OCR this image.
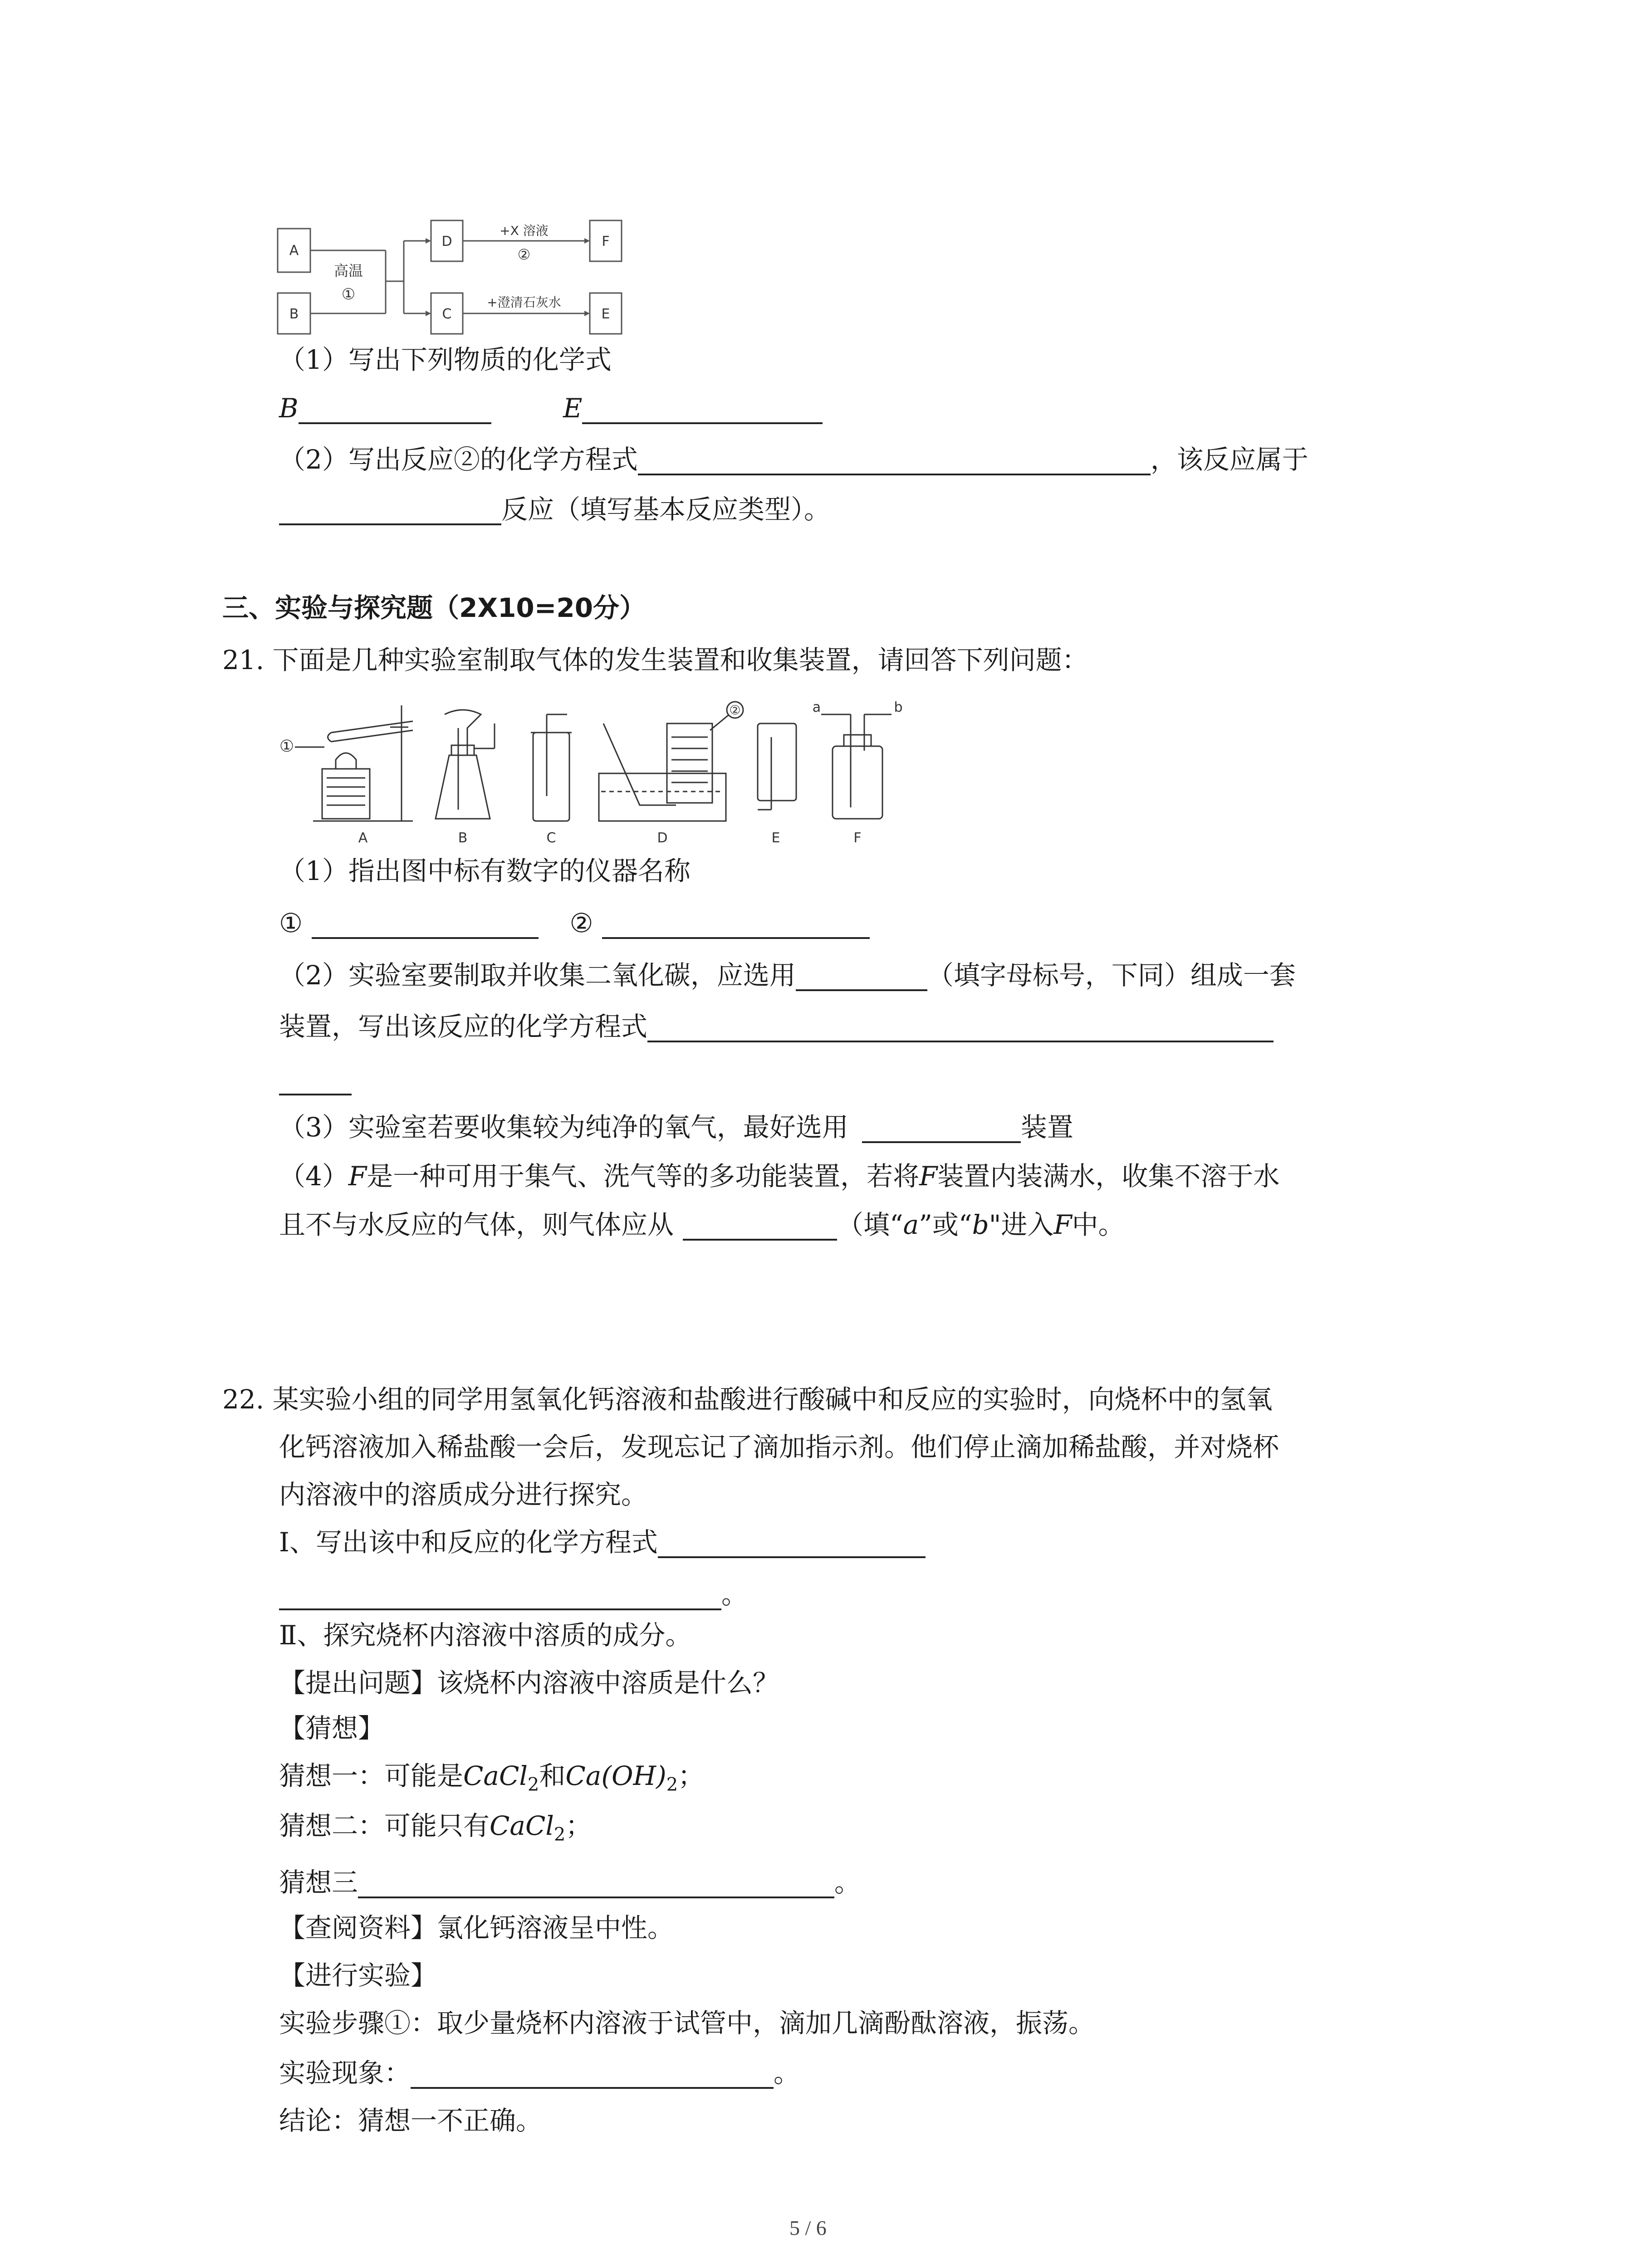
A
B
D
C
F
E
高温
①
+X 溶液
②
+澄清石灰水
（1）写出下列物质的化学式
B	E
（2）写出反应②的化学方程式	，该反应属于
反应（填写基本反应类型）。
三、实验与探究题（2X10=20分）
21. 下面是几种实验室制取气体的发生装置和收集装置，请回答下列问题：
①
②	a	b
A	B	C	D	E	F
（1）指出图中标有数字的仪器名称
①	②
（2）实验室要制取并收集二氧化碳，应选用	（填字母标号，下同）组成一套
装置，写出该反应的化学方程式
（3）实验室若要收集较为纯净的氧气，最好选用	装置
（4）F是一种可用于集气、洗气等的多功能装置，若将F装置内装满水，收集不溶于水
且不与水反应的气体，则气体应从	（填“a”或“b"进入F中。
22. 某实验小组的同学用氢氧化钙溶液和盐酸进行酸碱中和反应的实验时，向烧杯中的氢氧
化钙溶液加入稀盐酸一会后，发现忘记了滴加指示剂。他们停止滴加稀盐酸，并对烧杯
内溶液中的溶质成分进行探究。
Ⅰ、写出该中和反应的化学方程式
。
Ⅱ、探究烧杯内溶液中溶质的成分。
【提出问题】该烧杯内溶液中溶质是什么？
【猜想】
猜想一：可能是CaCl$_2$和$Ca(OH)_2$；
猜想二：可能只有CaCl$_2$；
猜想三	。
【查阅资料】氯化钙溶液呈中性。
【进行实验】
实验步骤①：取少量烧杯内溶液于试管中，滴加几滴酚酞溶液，振荡。
实验现象：	。
结论：猜想一不正确。
5 / 6
